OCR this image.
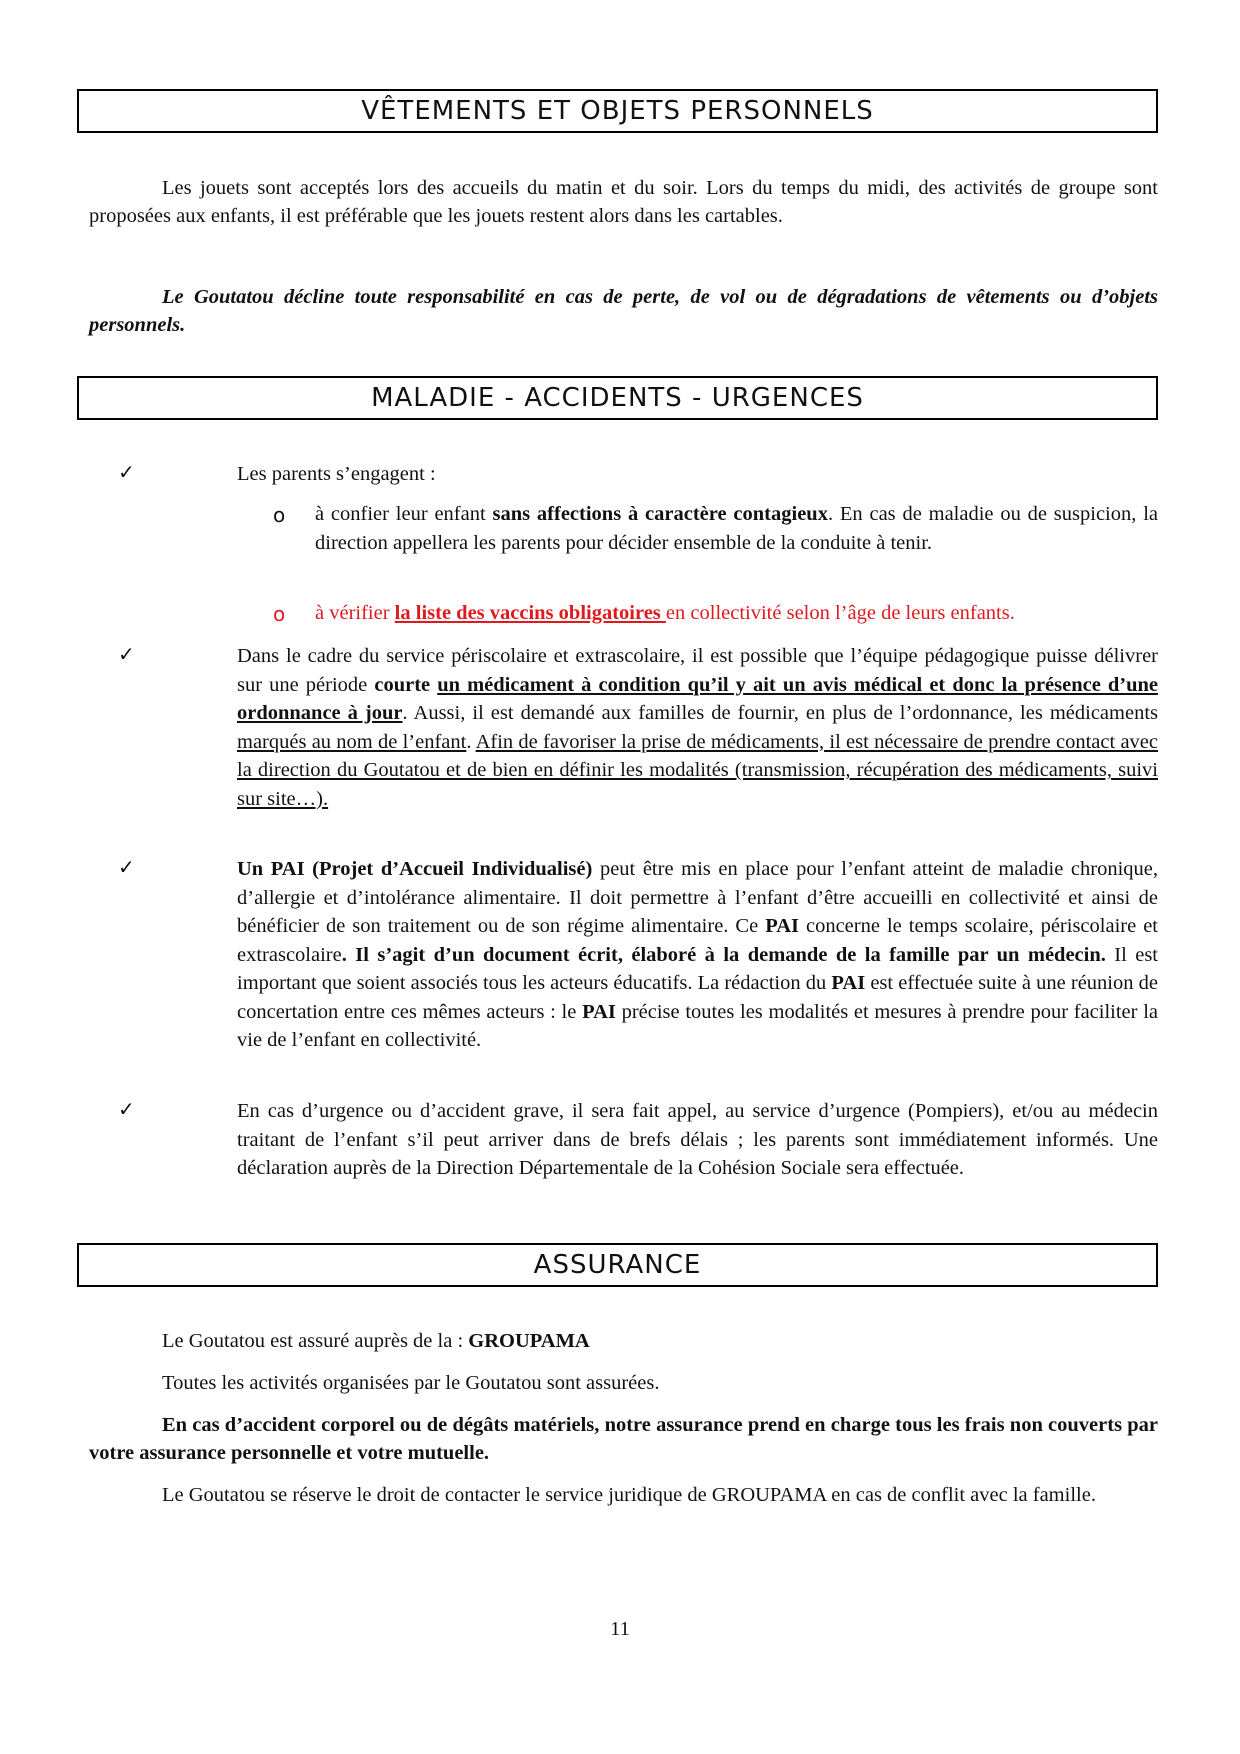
VÊTEMENTS ET OBJETS PERSONNELS

Les jouets sont acceptés lors des accueils du matin et du soir. Lors du temps du midi, des activités de groupe sont proposées aux enfants, il est préférable que les jouets restent alors dans les cartables.

Le Goutatou décline toute responsabilité en cas de perte, de vol ou de dégradations de vêtements ou d’objets personnels.

MALADIE - ACCIDENTS - URGENCES
✓	Les parents s’engagent :

o à confier leur enfant sans affections à caractère contagieux. En cas de maladie ou de suspicion, la direction appellera les parents pour décider ensemble de la conduite à tenir.

o à vérifier la liste des vaccins obligatoires en collectivité selon l’âge de leurs enfants.

✓	Dans le cadre du service périscolaire et extrascolaire, il est possible que l’équipe pédagogique puisse délivrer sur une période courte un médicament à condition qu’il y ait un avis médical et donc la présence d’une ordonnance à jour. Aussi, il est demandé aux familles de fournir, en plus de l’ordonnance, les médicaments marqués au nom de l’enfant. Afin de favoriser la prise de médicaments, il est nécessaire de prendre contact avec la direction du Goutatou et de bien en définir les modalités (transmission, récupération des médicaments, suivi sur site…).

✓	Un PAI (Projet d’Accueil Individualisé) peut être mis en place pour l’enfant atteint de maladie chronique, d’allergie et d’intolérance alimentaire. Il doit permettre à l’enfant d’être accueilli en collectivité et ainsi de bénéficier de son traitement ou de son régime alimentaire. Ce PAI concerne le temps scolaire, périscolaire et extrascolaire. Il s’agit d’un document écrit, élaboré à la demande de la famille par un médecin. Il est important que soient associés tous les acteurs éducatifs. La rédaction du PAI est effectuée suite à une réunion de concertation entre ces mêmes acteurs : le PAI précise toutes les modalités et mesures à prendre pour faciliter la vie de l’enfant en collectivité.

✓	En cas d’urgence ou d’accident grave, il sera fait appel, au service d’urgence (Pompiers), et/ou au médecin traitant de l’enfant s’il peut arriver dans de brefs délais ; les parents sont immédiatement informés. Une déclaration auprès de la Direction Départementale de la Cohésion Sociale sera effectuée.

ASSURANCE

Le Goutatou est assuré auprès de la : GROUPAMA

Toutes les activités organisées par le Goutatou sont assurées.

En cas d’accident corporel ou de dégâts matériels, notre assurance prend en charge tous les frais non couverts par votre assurance personnelle et votre mutuelle.

Le Goutatou se réserve le droit de contacter le service juridique de GROUPAMA en cas de conflit avec la famille.

11
